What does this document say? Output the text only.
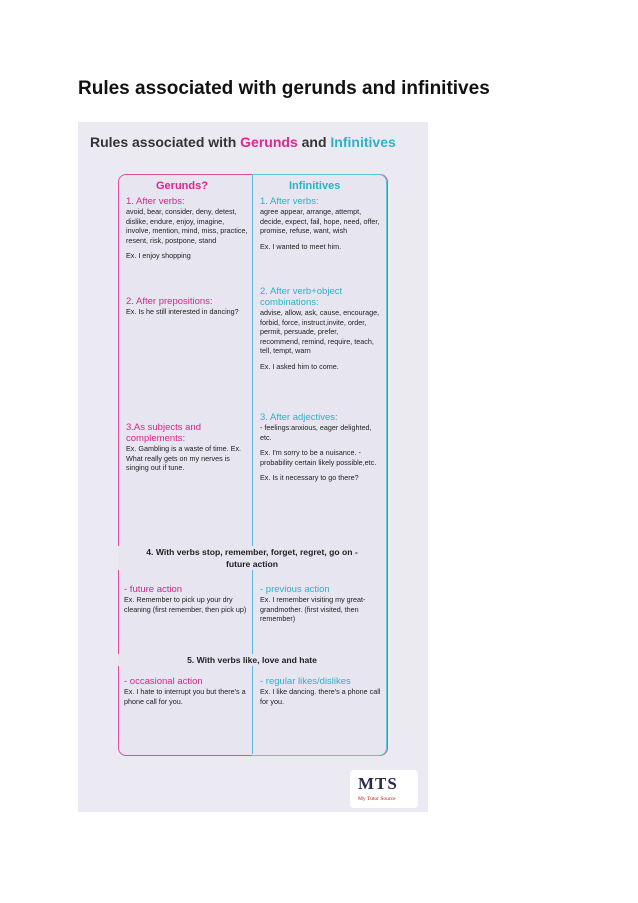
Rules associated with gerunds and infinitives
Rules associated with Gerunds and Infinitives
Gerunds?	Infinitives
1. After verbs:
avoid, bear, consider, deny, detest, dislike, endure, enjoy, imagine, involve, mention, mind, miss, practice, resent, risk, postpone, stand
Ex. I enjoy shopping
2. After prepositions:
Ex. Is he still interested in dancing?
3.As subjects and complements:
Ex. Gambling is a waste of time. Ex. What really gets on my nerves is singing out if tune.
1. After verbs:
agree appear, arrange, attempt, decide, expect, fail, hope, need, offer, promise, refuse, want, wish
Ex. I wanted to meet him.
2. After verb+object combinations:
advise, allow, ask, cause, encourage, forbid, force, instruct,invite, order, permit, persuade, prefer, recommend, remind, require, teach, tell, tempt, warn
Ex. I asked him to come.
3. After adjectives:
- feelings:anxious, eager delighted, etc.
Ex. I'm sorry to be a nuisance. - probability certain likely possible,etc.
Ex. Is it necessary to go there?
4. With verbs stop, remember, forget, regret, go on - future action
- future action
Ex. Remember to pick up your dry cleaning (first remember, then pick up)
- previous action
Ex. I remember visiting my great-grandmother. (first visited, then remember)
5. With verbs like, love and hate
- occasional action
Ex. I hate to interrupt you but there's a phone call for you.
- regular likes/dislikes
Ex. I like dancing. there's a phone call for you.
MTS
My Tutor Source
